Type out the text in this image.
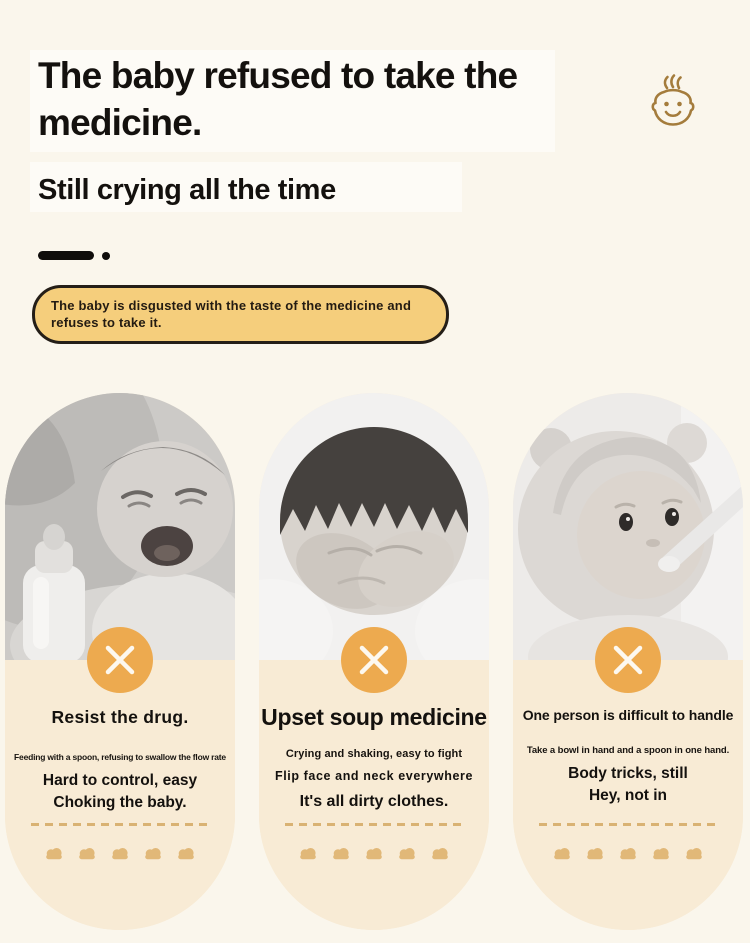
The baby refused to take the
medicine.
Still crying all the time
The baby is disgusted with the taste of the medicine and refuses to take it.
Resist the drug.
Feeding with a spoon, refusing to swallow the flow rate
Hard to control, easy
Choking the baby.
Upset soup medicine
Crying and shaking, easy to fight
Flip face and neck everywhere
It's all dirty clothes.
One person is difficult to handle
Take a bowl in hand and a spoon in one hand.
Body tricks, still
Hey, not in
